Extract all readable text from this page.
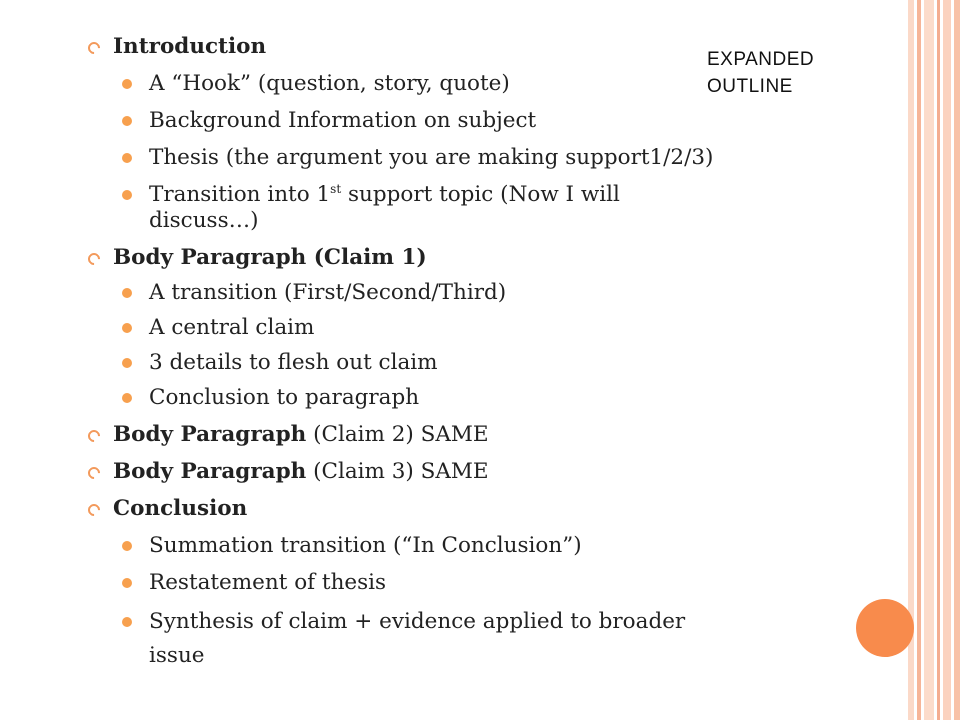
EXPANDED
OUTLINE
Introduction
A “Hook” (question, story, quote)
Background Information on subject
Thesis (the argument you are making support1/2/3)
Transition into 1st support topic (Now I will
discuss…)
Body Paragraph (Claim 1)
A transition (First/Second/Third)
A central claim
3 details to flesh out claim
Conclusion to paragraph
Body Paragraph (Claim 2) SAME
Body Paragraph (Claim 3) SAME
Conclusion
Summation transition (“In Conclusion”)
Restatement of thesis
Synthesis of claim + evidence applied to broader
issue
